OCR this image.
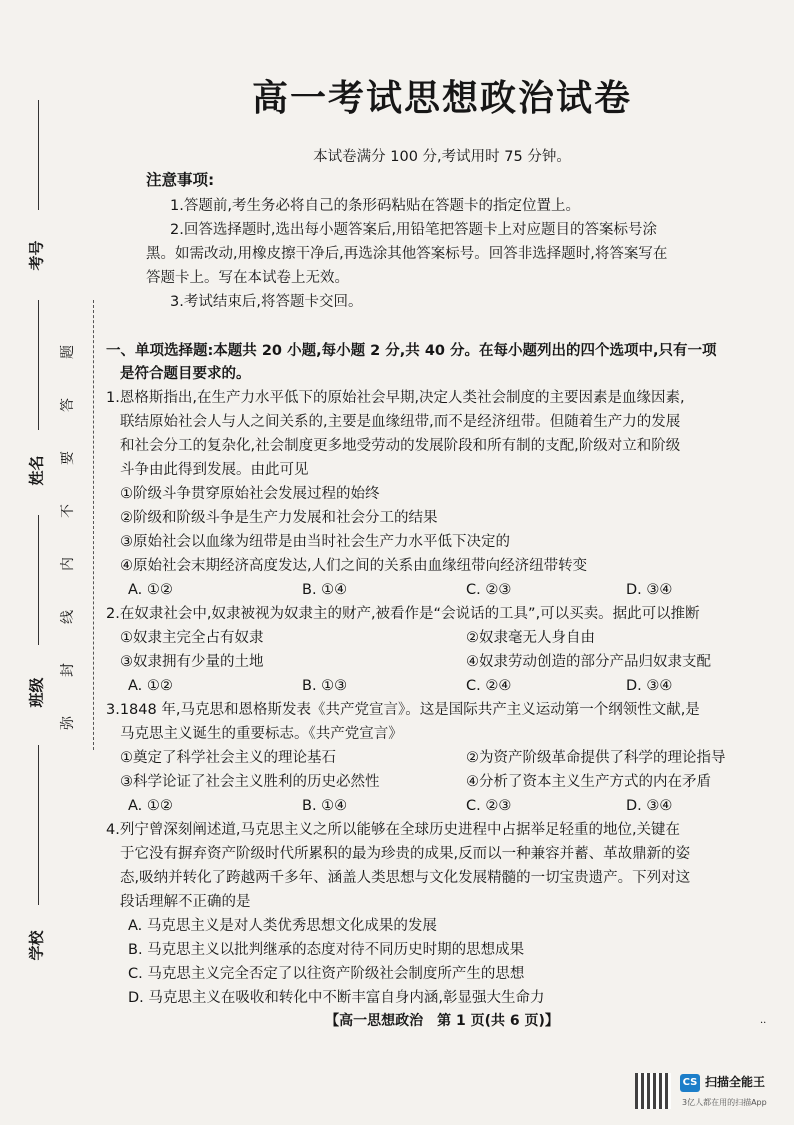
考号
姓名
班级
学校
题
答
要
不
内
线
封
弥
高一考试思想政治试卷
本试卷满分 100 分,考试用时 75 分钟。
注意事项:
1.答题前,考生务必将自己的条形码粘贴在答题卡的指定位置上。
2.回答选择题时,选出每小题答案后,用铅笔把答题卡上对应题目的答案标号涂
黑。如需改动,用橡皮擦干净后,再选涂其他答案标号。回答非选择题时,将答案写在
答题卡上。写在本试卷上无效。
3.考试结束后,将答题卡交回。
一、单项选择题:本题共 20 小题,每小题 2 分,共 40 分。在每小题列出的四个选项中,只有一项
是符合题目要求的。
1.恩格斯指出,在生产力水平低下的原始社会早期,决定人类社会制度的主要因素是血缘因素,
联结原始社会人与人之间关系的,主要是血缘纽带,而不是经济纽带。但随着生产力的发展
和社会分工的复杂化,社会制度更多地受劳动的发展阶段和所有制的支配,阶级对立和阶级
斗争由此得到发展。由此可见
①阶级斗争贯穿原始社会发展过程的始终
②阶级和阶级斗争是生产力发展和社会分工的结果
③原始社会以血缘为纽带是由当时社会生产力水平低下决定的
④原始社会末期经济高度发达,人们之间的关系由血缘纽带向经济纽带转变
A. ①②	B. ①④	C. ②③	D. ③④
2.在奴隶社会中,奴隶被视为奴隶主的财产,被看作是“会说话的工具”,可以买卖。据此可以推断
①奴隶主完全占有奴隶	②奴隶毫无人身自由
③奴隶拥有少量的土地	④奴隶劳动创造的部分产品归奴隶支配
A. ①②	B. ①③	C. ②④	D. ③④
3.1848 年,马克思和恩格斯发表《共产党宣言》。这是国际共产主义运动第一个纲领性文献,是
马克思主义诞生的重要标志。《共产党宣言》
①奠定了科学社会主义的理论基石	②为资产阶级革命提供了科学的理论指导
③科学论证了社会主义胜利的历史必然性	④分析了资本主义生产方式的内在矛盾
A. ①②	B. ①④	C. ②③	D. ③④
4.列宁曾深刻阐述道,马克思主义之所以能够在全球历史进程中占据举足轻重的地位,关键在
于它没有摒弃资产阶级时代所累积的最为珍贵的成果,反而以一种兼容并蓄、革故鼎新的姿
态,吸纳并转化了跨越两千多年、涵盖人类思想与文化发展精髓的一切宝贵遗产。下列对这
段话理解不正确的是
A. 马克思主义是对人类优秀思想文化成果的发展
B. 马克思主义以批判继承的态度对待不同历史时期的思想成果
C. 马克思主义完全否定了以往资产阶级社会制度所产生的思想
D. 马克思主义在吸收和转化中不断丰富自身内涵,彰显强大生命力
【高一思想政治　第 1 页(共 6 页)】	··
CS 扫描全能王
3亿人都在用的扫描App
